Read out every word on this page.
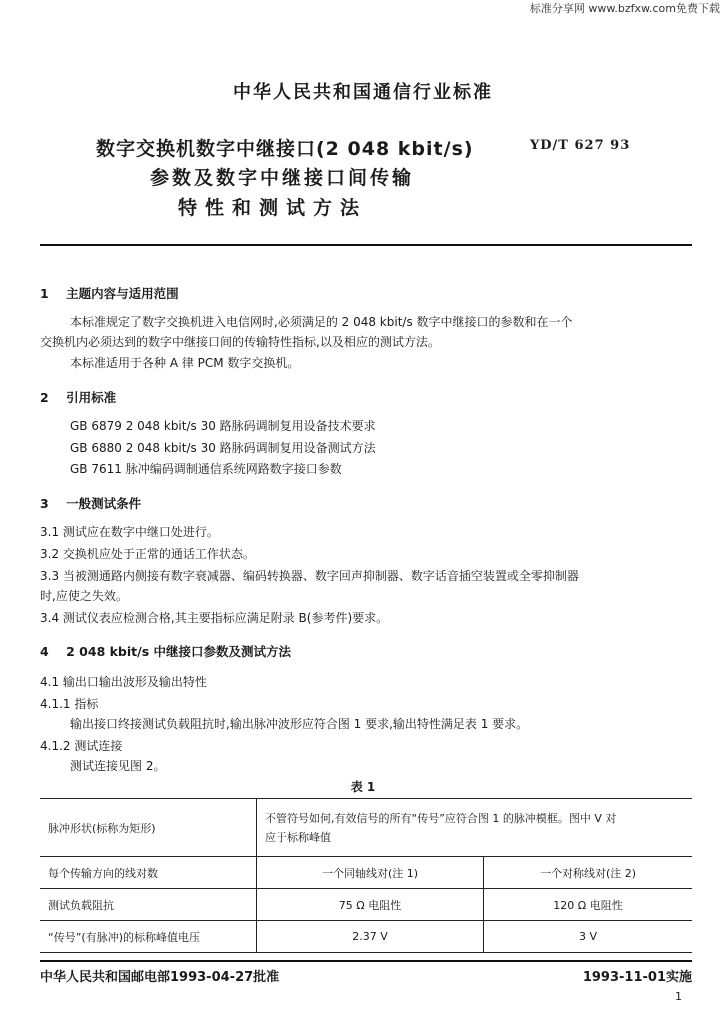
标准分享网 www.bzfxw.com免费下载
中华人民共和国通信行业标准
数字交换机数字中继接口(2 048 kbit/s)
参数及数字中继接口间传输
特性和测试方法
YD/T 627 93
1 主题内容与适用范围
本标准规定了数字交换机进入电信网时,必须满足的 2 048 kbit/s 数字中继接口的参数和在一个
交换机内必须达到的数字中继接口间的传输特性指标,以及相应的测试方法。
本标准适用于各种 A 律 PCM 数字交换机。
2 引用标准
GB 6879 2 048 kbit/s 30 路脉码调制复用设备技术要求
GB 6880 2 048 kbit/s 30 路脉码调制复用设备测试方法
GB 7611 脉冲编码调制通信系统网路数字接口参数
3 一般测试条件
3.1 测试应在数字中继口处进行。
3.2 交换机应处于正常的通话工作状态。
3.3 当被测通路内侧接有数字衰减器、编码转换器、数字回声抑制器、数字话音插空装置或全零抑制器
时,应使之失效。
3.4 测试仪表应检测合格,其主要指标应满足附录 B(参考件)要求。
4 2 048 kbit/s 中继接口参数及测试方法
4.1 输出口输出波形及输出特性
4.1.1 指标
输出接口终接测试负载阻抗时,输出脉冲波形应符合图 1 要求,输出特性满足表 1 要求。
4.1.2 测试连接
测试连接见图 2。
表 1
脉冲形状(标称为矩形)	不管符号如何,有效信号的所有“传号”应符合图 1 的脉冲模框。图中 V 对
应于标称峰值	

每个传输方向的线对数	一个同轴线对(注 1)	一个对称线对(注 2)
测试负载阻抗	75 Ω 电阻性	120 Ω 电阻性
“传号”(有脉冲)的标称峰值电压	2.37 V	3 V
中华人民共和国邮电部1993-04-27批准	1993-11-01实施
1
